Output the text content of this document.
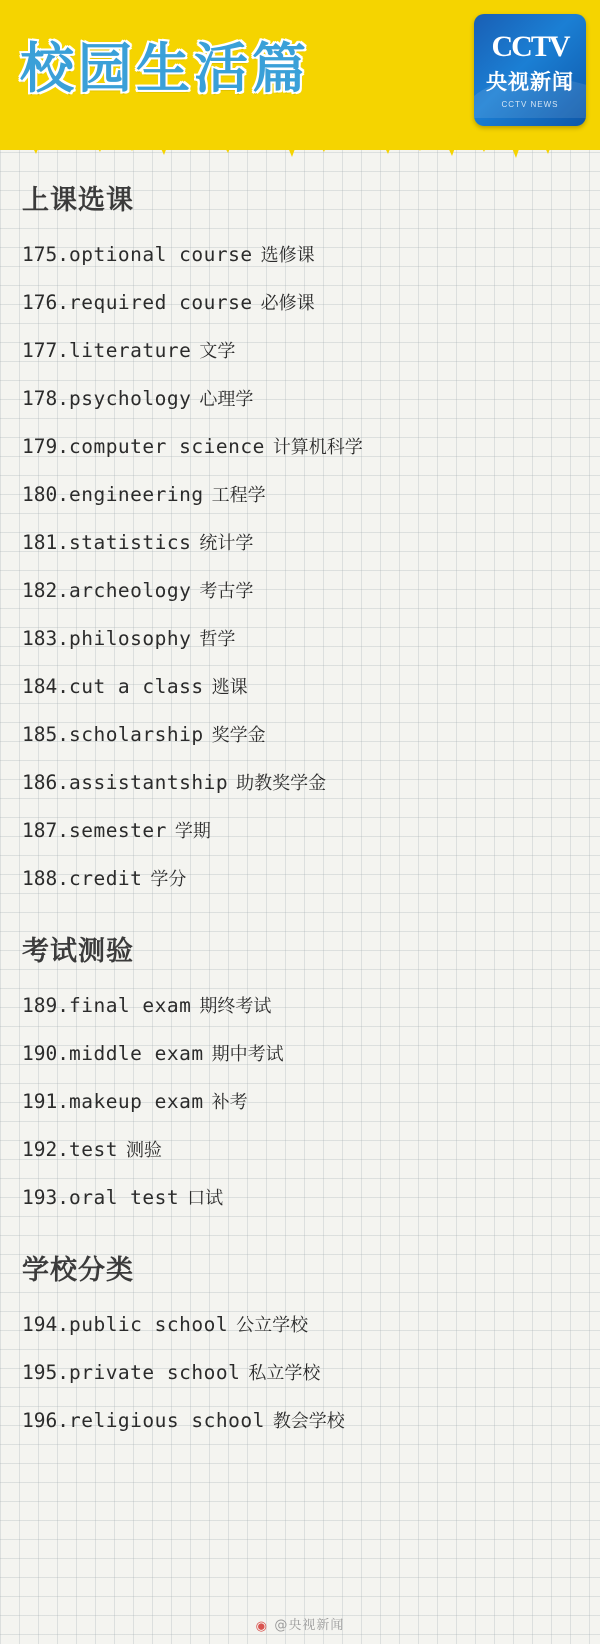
校园生活篇	CCTV
央视新闻
CCTV NEWS
上课选课
175.optional course 选修课
176.required course 必修课
177.literature 文学
178.psychology 心理学
179.computer science 计算机科学
180.engineering 工程学
181.statistics 统计学
182.archeology 考古学
183.philosophy 哲学
184.cut a class 逃课
185.scholarship 奖学金
186.assistantship 助教奖学金
187.semester 学期
188.credit 学分
考试测验
189.final exam 期终考试
190.middle exam 期中考试
191.makeup exam 补考
192.test 测验
193.oral test 口试
学校分类
194.public school 公立学校
195.private school 私立学校
196.religious school 教会学校
◉ @央视新闻
